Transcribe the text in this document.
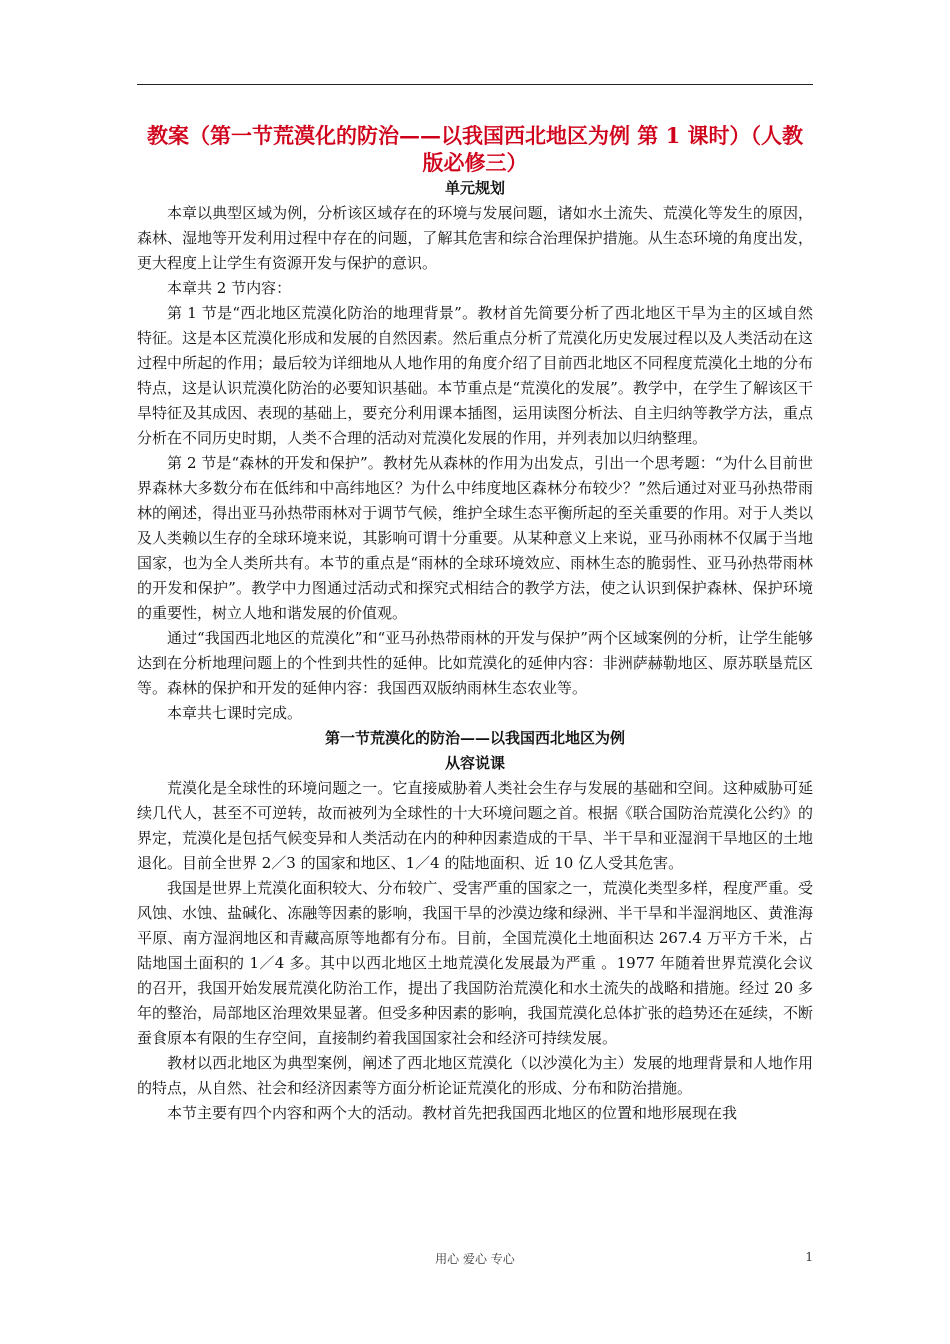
教案（第一节荒漠化的防治——以我国西北地区为例 第 1 课时）（人教版必修三）

单元规划

本章以典型区域为例，分析该区域存在的环境与发展问题，诸如水土流失、荒漠化等发生的原因，森林、湿地等开发利用过程中存在的问题，了解其危害和综合治理保护措施。从生态环境的角度出发，更大程度上让学生有资源开发与保护的意识。

本章共 2 节内容：

第 1 节是“西北地区荒漠化防治的地理背景”。教材首先简要分析了西北地区干旱为主的区域自然特征。这是本区荒漠化形成和发展的自然因素。然后重点分析了荒漠化历史发展过程以及人类活动在这过程中所起的作用；最后较为详细地从人地作用的角度介绍了目前西北地区不同程度荒漠化土地的分布特点，这是认识荒漠化防治的必要知识基础。本节重点是“荒漠化的发展”。教学中，在学生了解该区干旱特征及其成因、表现的基础上，要充分利用课本插图，运用读图分析法、自主归纳等教学方法，重点分析在不同历史时期，人类不合理的活动对荒漠化发展的作用，并列表加以归纳整理。

第 2 节是“森林的开发和保护”。教材先从森林的作用为出发点，引出一个思考题：“为什么目前世界森林大多数分布在低纬和中高纬地区？为什么中纬度地区森林分布较少？”然后通过对亚马孙热带雨林的阐述，得出亚马孙热带雨林对于调节气候，维护全球生态平衡所起的至关重要的作用。对于人类以及人类赖以生存的全球环境来说，其影响可谓十分重要。从某种意义上来说，亚马孙雨林不仅属于当地国家，也为全人类所共有。本节的重点是“雨林的全球环境效应、雨林生态的脆弱性、亚马孙热带雨林的开发和保护”。教学中力图通过活动式和探究式相结合的教学方法，使之认识到保护森林、保护环境的重要性，树立人地和谐发展的价值观。

通过“我国西北地区的荒漠化”和“亚马孙热带雨林的开发与保护”两个区域案例的分析，让学生能够达到在分析地理问题上的个性到共性的延伸。比如荒漠化的延伸内容：非洲萨赫勒地区、原苏联垦荒区等。森林的保护和开发的延伸内容：我国西双版纳雨林生态农业等。

本章共七课时完成。

第一节荒漠化的防治——以我国西北地区为例

从容说课

荒漠化是全球性的环境问题之一。它直接威胁着人类社会生存与发展的基础和空间。这种威胁可延续几代人，甚至不可逆转，故而被列为全球性的十大环境问题之首。根据《联合国防治荒漠化公约》的界定，荒漠化是包括气候变异和人类活动在内的种种因素造成的干旱、半干旱和亚湿润干旱地区的土地退化。目前全世界 2／3 的国家和地区、1／4 的陆地面积、近 10 亿人受其危害。

我国是世界上荒漠化面积较大、分布较广、受害严重的国家之一，荒漠化类型多样，程度严重。受风蚀、水蚀、盐碱化、冻融等因素的影响，我国干旱的沙漠边缘和绿洲、半干旱和半湿润地区、黄淮海平原、南方湿润地区和青藏高原等地都有分布。目前，全国荒漠化土地面积达 267.4 万平方千米，占陆地国土面积的 1／4 多。其中以西北地区土地荒漠化发展最为严重 。1977 年随着世界荒漠化会议的召开，我国开始发展荒漠化防治工作，提出了我国防治荒漠化和水土流失的战略和措施。经过 20 多年的整治，局部地区治理效果显著。但受多种因素的影响，我国荒漠化总体扩张的趋势还在延续，不断蚕食原本有限的生存空间，直接制约着我国国家社会和经济可持续发展。

教材以西北地区为典型案例，阐述了西北地区荒漠化（以沙漠化为主）发展的地理背景和人地作用的特点，从自然、社会和经济因素等方面分析论证荒漠化的形成、分布和防治措施。

本节主要有四个内容和两个大的活动。教材首先把我国西北地区的位置和地形展现在我

用心 爱心 专心	1
